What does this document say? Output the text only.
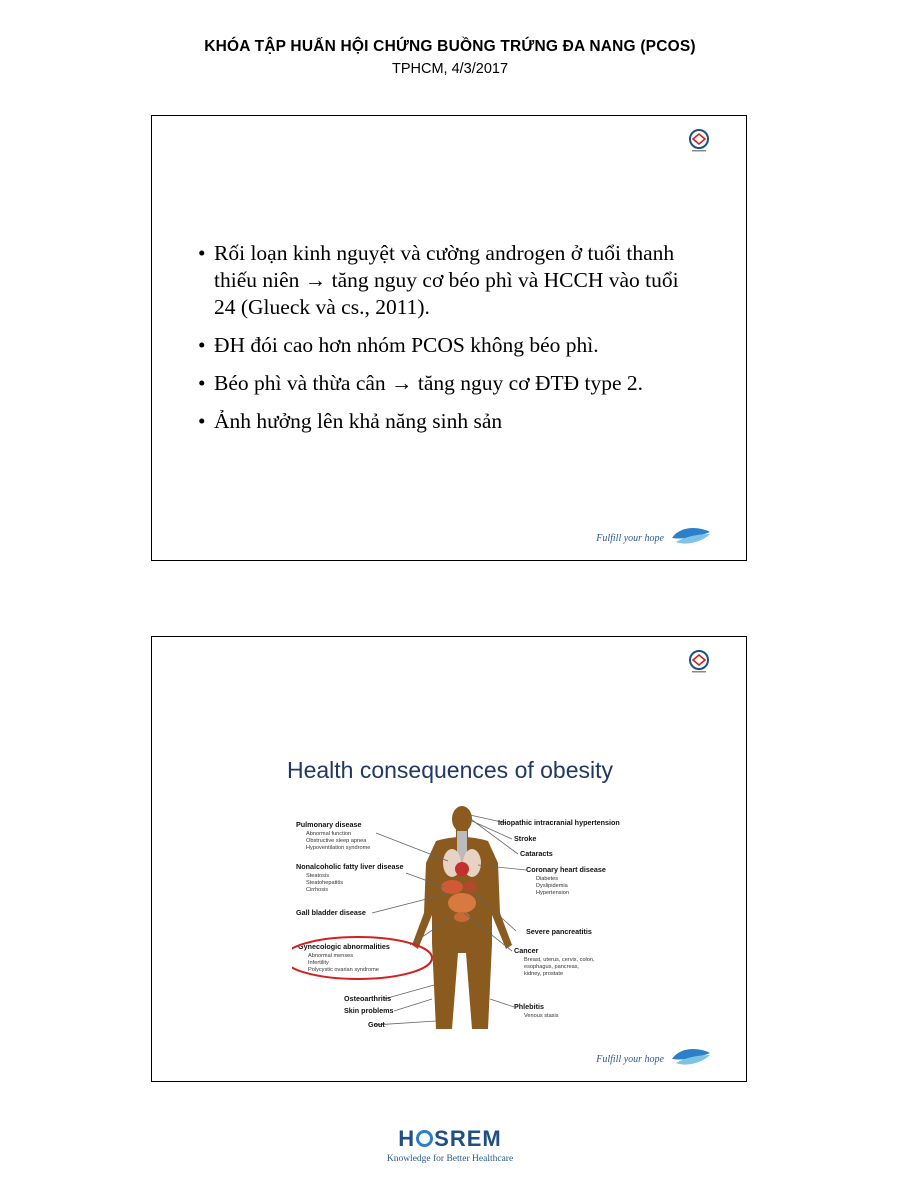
KHÓA TẬP HUẤN HỘI CHỨNG BUỒNG TRỨNG ĐA NANG (PCOS)
TPHCM, 4/3/2017
• Rối loạn kinh nguyệt và cường androgen ở tuổi thanh thiếu niên → tăng nguy cơ béo phì và HCCH vào tuổi 24 (Glueck và cs., 2011).
• ĐH đói cao hơn nhóm PCOS không béo phì.
• Béo phì và thừa cân → tăng nguy cơ ĐTĐ type 2.
• Ảnh hưởng lên khả năng sinh sản
Fulfill your hope
Health consequences of obesity
Pulmonary disease
Abnormal function
Obstructive sleep apnea
Hypoventilation syndrome
Nonalcoholic fatty liver disease
Steatosis
Steatohepatitis
Cirrhosis
Gall bladder disease
Gynecologic abnormalities
Abnormal menses
Infertility
Polycystic ovarian syndrome
Osteoarthritis
Skin problems
Gout
Idiopathic intracranial hypertension
Stroke
Cataracts
Coronary heart disease
Diabetes
Dyslipidemia
Hypertension
Severe pancreatitis
Cancer
Breast, uterus, cervix, colon,
esophagus, pancreas,
kidney, prostate
Phlebitis
Venous stasis
Fulfill your hope
H SREM
Knowledge for Better Healthcare
